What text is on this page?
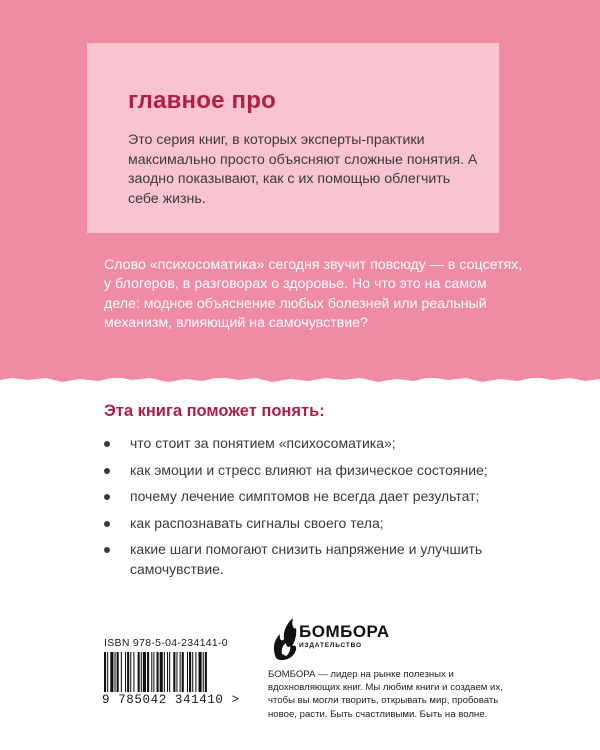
главное про
Это серия книг, в которых эксперты-практики максимально просто объясняют сложные понятия. А заодно показывают, как с их помощью облегчить себе жизнь.
Слово «психосоматика» сегодня звучит повсюду — в соцсетях, у блогеров, в разговорах о здоровье. Но что это на самом деле: модное объяснение любых болезней или реальный механизм, влияющий на самочувствие?
Эта книга поможет понять:
что стоит за понятием «психосоматика»;
как эмоции и стресс влияют на физическое состояние;
почему лечение симптомов не всегда дает результат;
как распознавать сигналы своего тела;
какие шаги помогают снизить напряжение и улучшить самочувствие.
ISBN 978-5-04-234141-0
9 785042 341410 >
БОМБОРА
ИЗДАТЕЛЬСТВО
БОМБОРА — лидер на рынке полезных и вдохновляющих книг. Мы любим книги и создаем их, чтобы вы могли творить, открывать мир, пробовать новое, расти. Быть счастливыми. Быть на волне.
